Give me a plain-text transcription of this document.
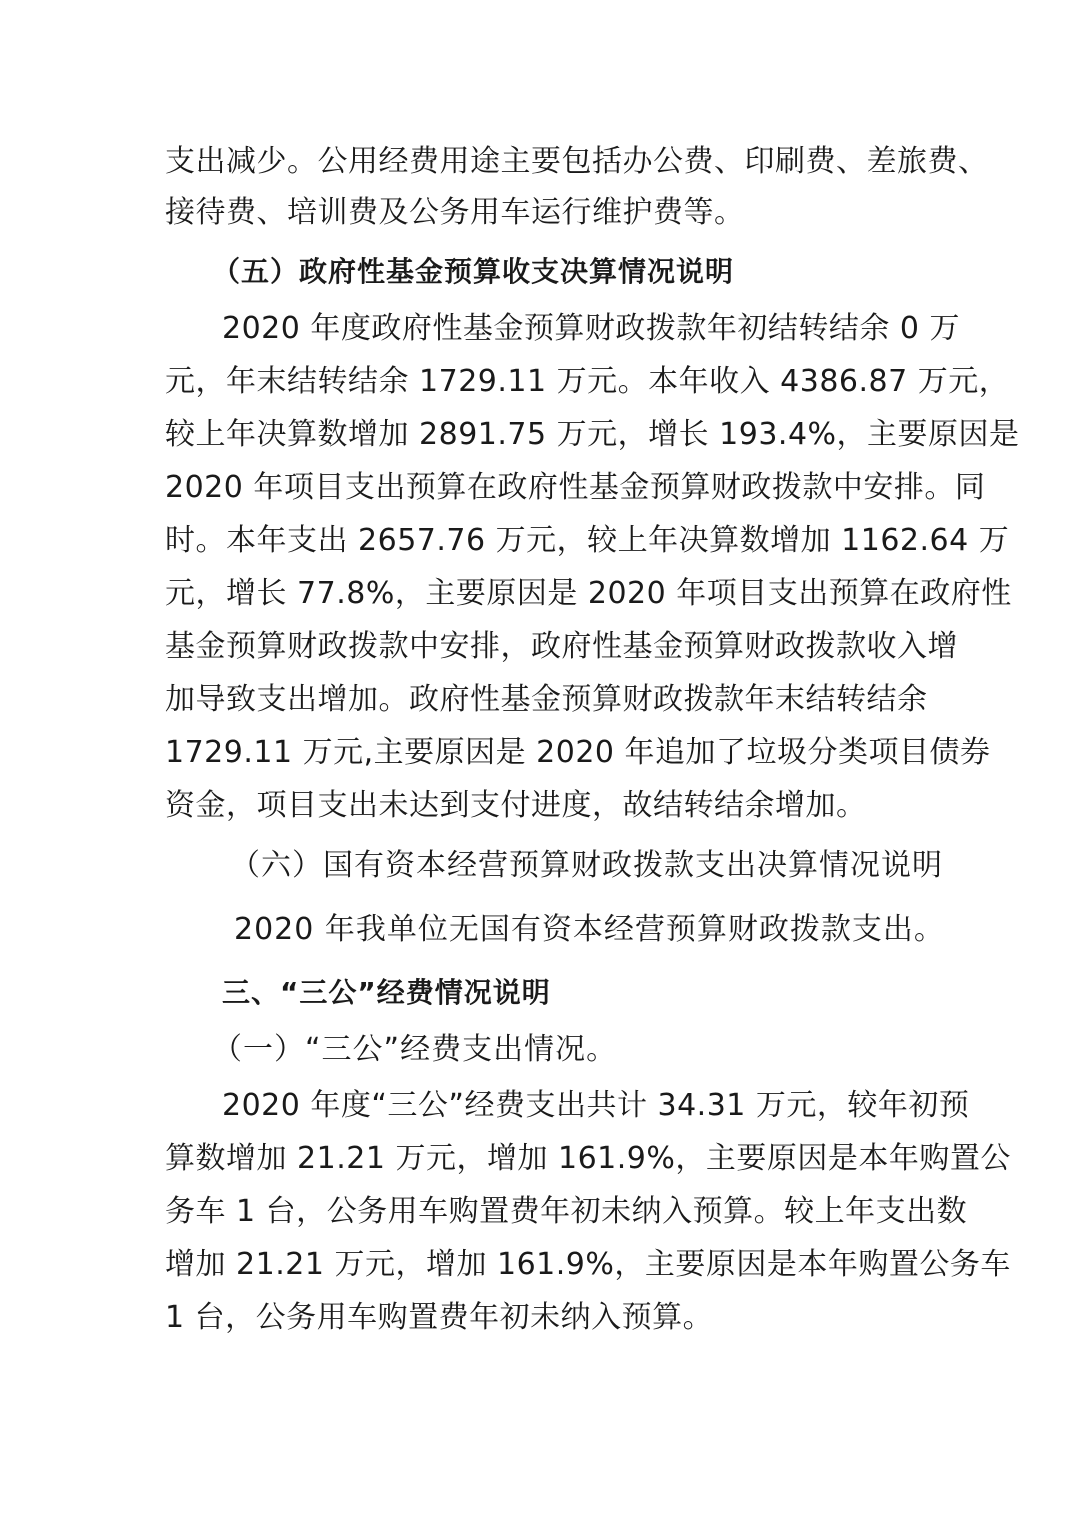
支出减少。公用经费用途主要包括办公费、印刷费、差旅费、
接待费、培训费及公务用车运行维护费等。
（五）政府性基金预算收支决算情况说明
2020 年度政府性基金预算财政拨款年初结转结余 0 万
元，年末结转结余 1729.11 万元。本年收入 4386.87 万元，
较上年决算数增加 2891.75 万元，增长 193.4%，主要原因是
2020 年项目支出预算在政府性基金预算财政拨款中安排。同
时。本年支出 2657.76 万元，较上年决算数增加 1162.64 万
元，增长 77.8%，主要原因是 2020 年项目支出预算在政府性
基金预算财政拨款中安排，政府性基金预算财政拨款收入增
加导致支出增加。政府性基金预算财政拨款年末结转结余
1729.11 万元,主要原因是 2020 年追加了垃圾分类项目债券
资金，项目支出未达到支付进度，故结转结余增加。
（六）国有资本经营预算财政拨款支出决算情况说明
2020 年我单位无国有资本经营预算财政拨款支出。
三、“三公”经费情况说明
（一）“三公”经费支出情况。
2020 年度“三公”经费支出共计 34.31 万元，较年初预
算数增加 21.21 万元，增加 161.9%，主要原因是本年购置公
务车 1 台，公务用车购置费年初未纳入预算。较上年支出数
增加 21.21 万元，增加 161.9%，主要原因是本年购置公务车
1 台，公务用车购置费年初未纳入预算。
